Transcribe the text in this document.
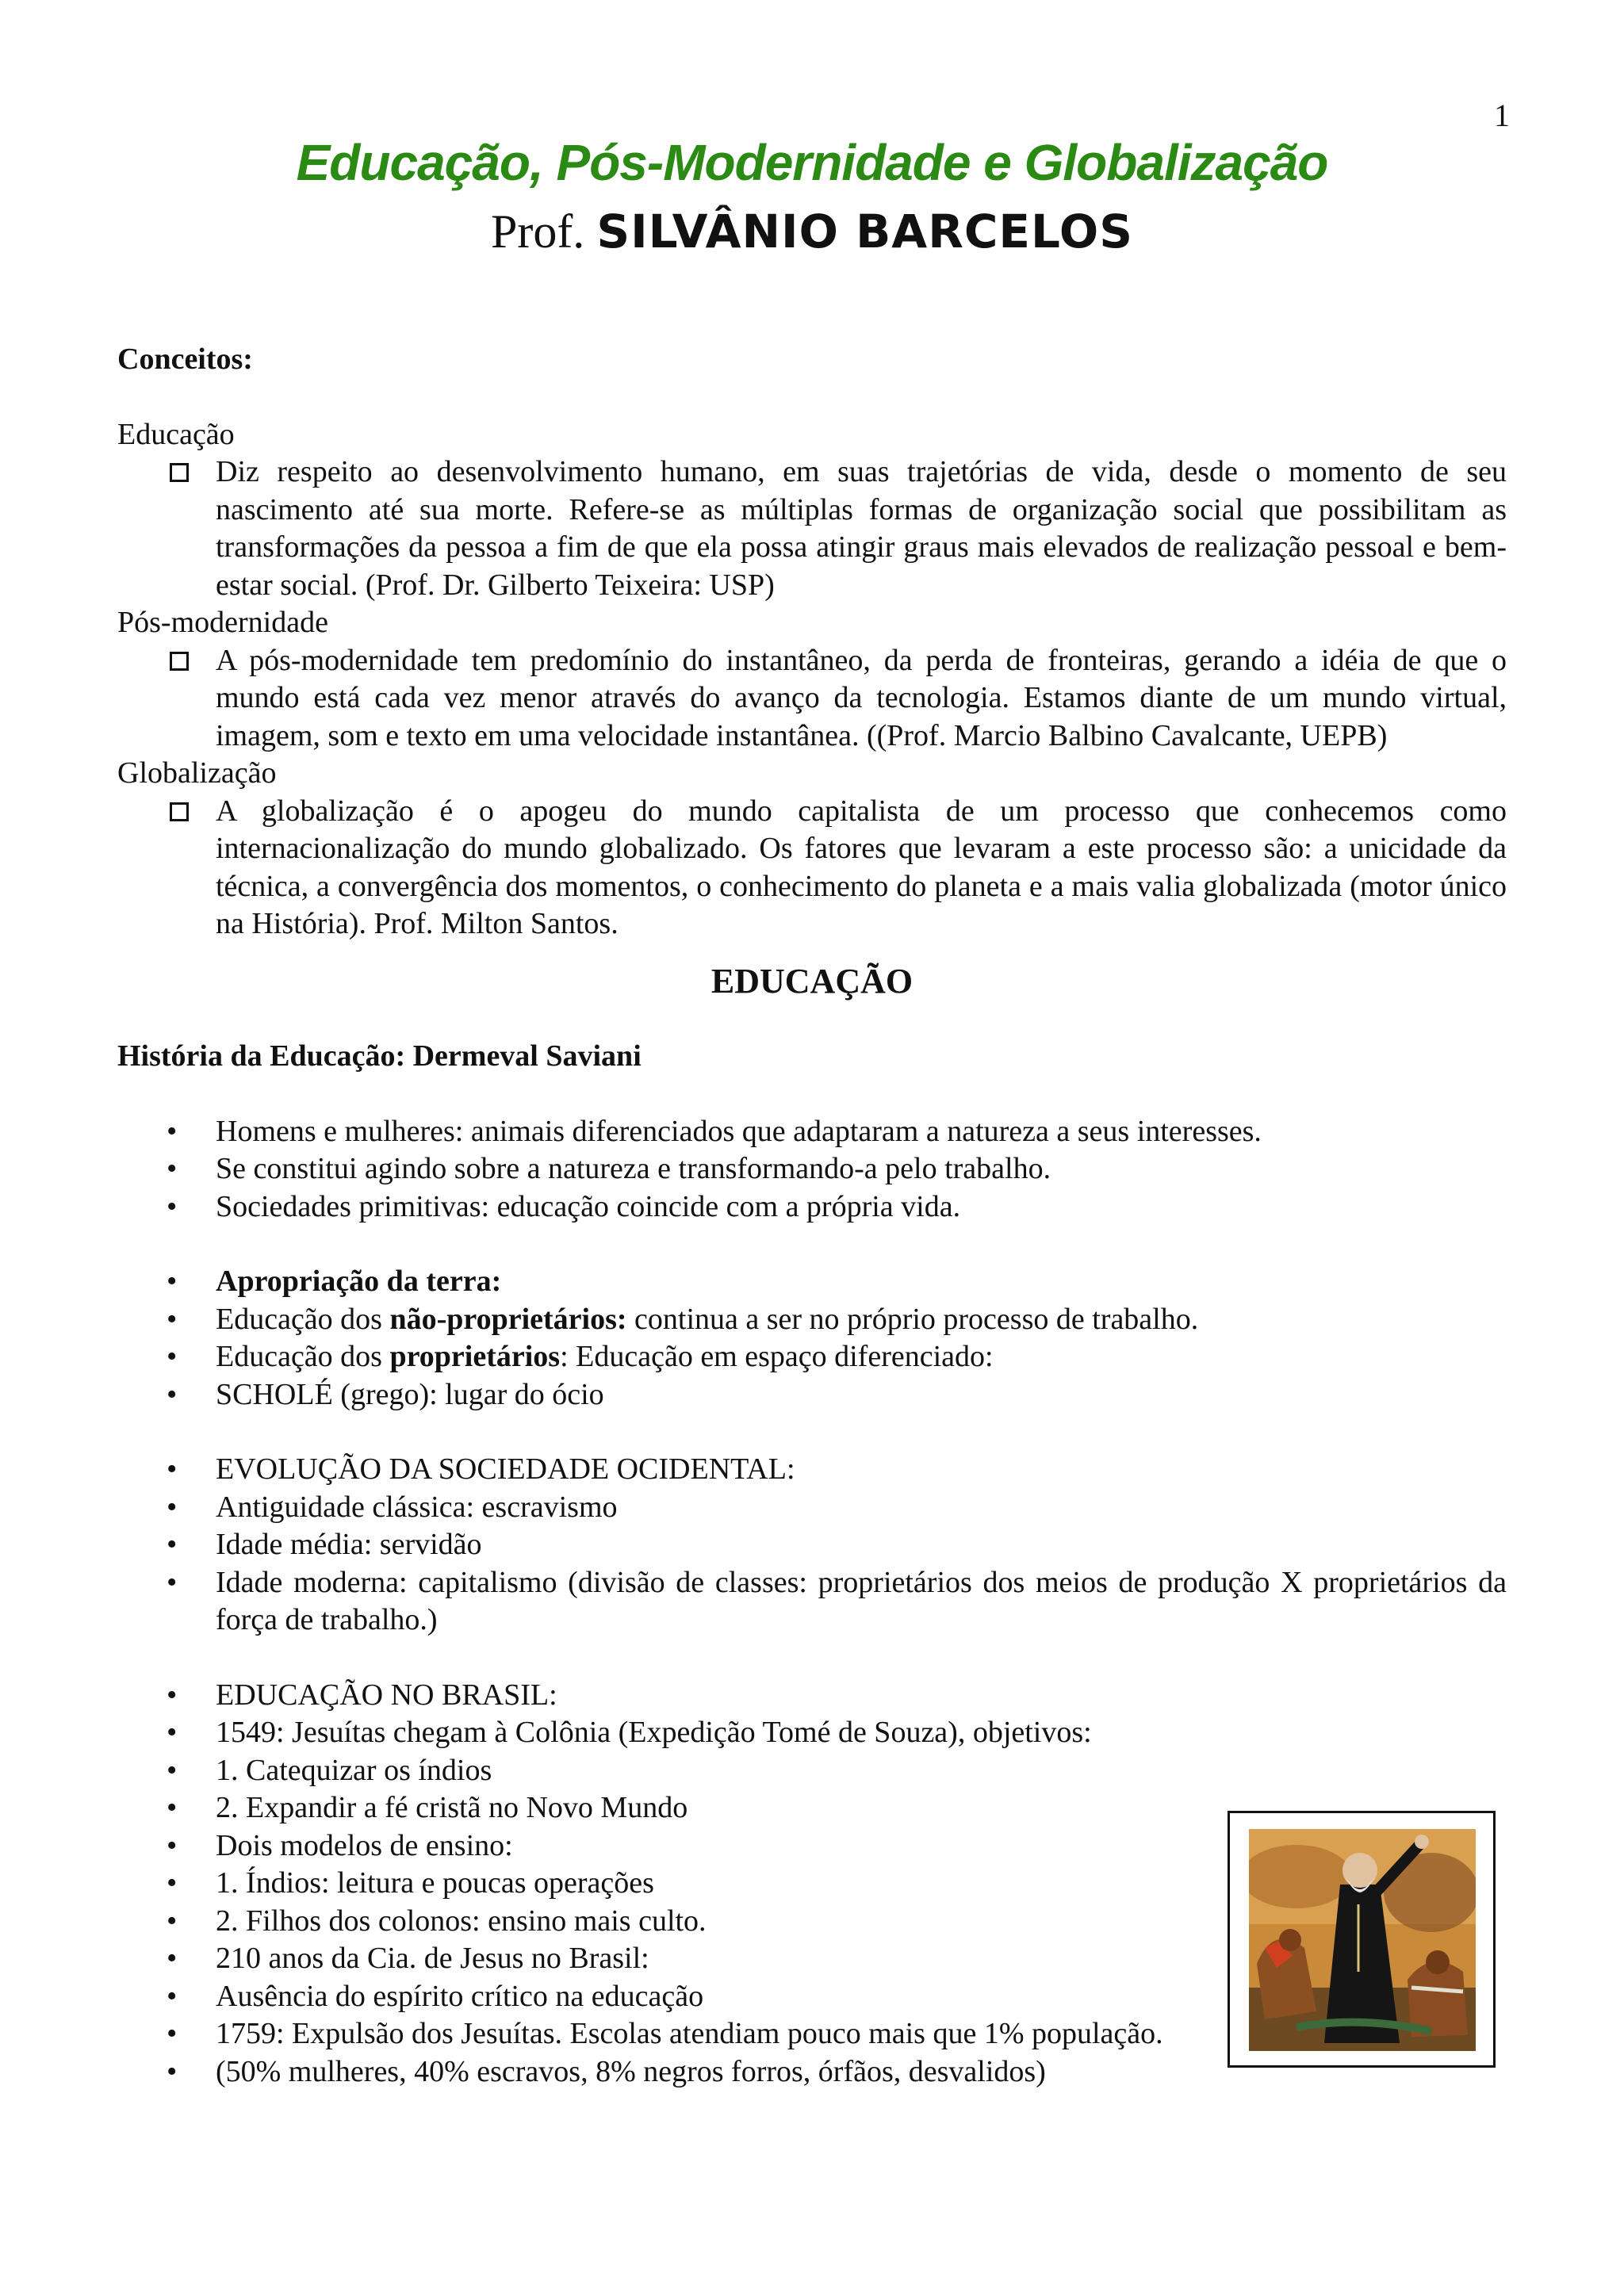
1
Educação, Pós-Modernidade e Globalização
Prof. SILVÂNIO BARCELOS

Conceitos:

Educação

Diz respeito ao desenvolvimento humano, em suas trajetórias de vida, desde o momento de seu nascimento até sua morte. Refere-se as múltiplas formas de organização social que possibilitam as transformações da pessoa a fim de que ela possa atingir graus mais elevados de realização pessoal e bem-estar social. (Prof. Dr. Gilberto Teixeira: USP)

Pós-modernidade

A pós-modernidade tem predomínio do instantâneo, da perda de fronteiras, gerando a idéia de que o mundo está cada vez menor através do avanço da tecnologia. Estamos diante de um mundo virtual, imagem, som e texto em uma velocidade instantânea. ((Prof. Marcio Balbino Cavalcante, UEPB)

Globalização

A globalização é o apogeu do mundo capitalista de um processo que conhecemos como internacionalização do mundo globalizado. Os fatores que levaram a este processo são: a unicidade da técnica, a convergência dos momentos, o conhecimento do planeta e a mais valia globalizada (motor único na História). Prof. Milton Santos.

EDUCAÇÃO

História da Educação: Dermeval Saviani

• Homens e mulheres: animais diferenciados que adaptaram a natureza a seus interesses.
• Se constitui agindo sobre a natureza e transformando-a pelo trabalho.
• Sociedades primitivas: educação coincide com a própria vida.
• Apropriação da terra:
• Educação dos não-proprietários: continua a ser no próprio processo de trabalho.
• Educação dos proprietários: Educação em espaço diferenciado:
• SCHOLÉ (grego): lugar do ócio
• EVOLUÇÃO DA SOCIEDADE OCIDENTAL:
• Antiguidade clássica: escravismo
• Idade média: servidão
• Idade moderna: capitalismo (divisão de classes: proprietários dos meios de produção X proprietários da força de trabalho.)
• EDUCAÇÃO NO BRASIL:
• 1549: Jesuítas chegam à Colônia (Expedição Tomé de Souza), objetivos:
• 1. Catequizar os índios
• 2. Expandir a fé cristã no Novo Mundo
• Dois modelos de ensino:
• 1. Índios: leitura e poucas operações
• 2. Filhos dos colonos: ensino mais culto.
• 210 anos da Cia. de Jesus no Brasil:
• Ausência do espírito crítico na educação
• 1759: Expulsão dos Jesuítas. Escolas atendiam pouco mais que 1% população.
• (50% mulheres, 40% escravos, 8% negros forros, órfãos, desvalidos)
